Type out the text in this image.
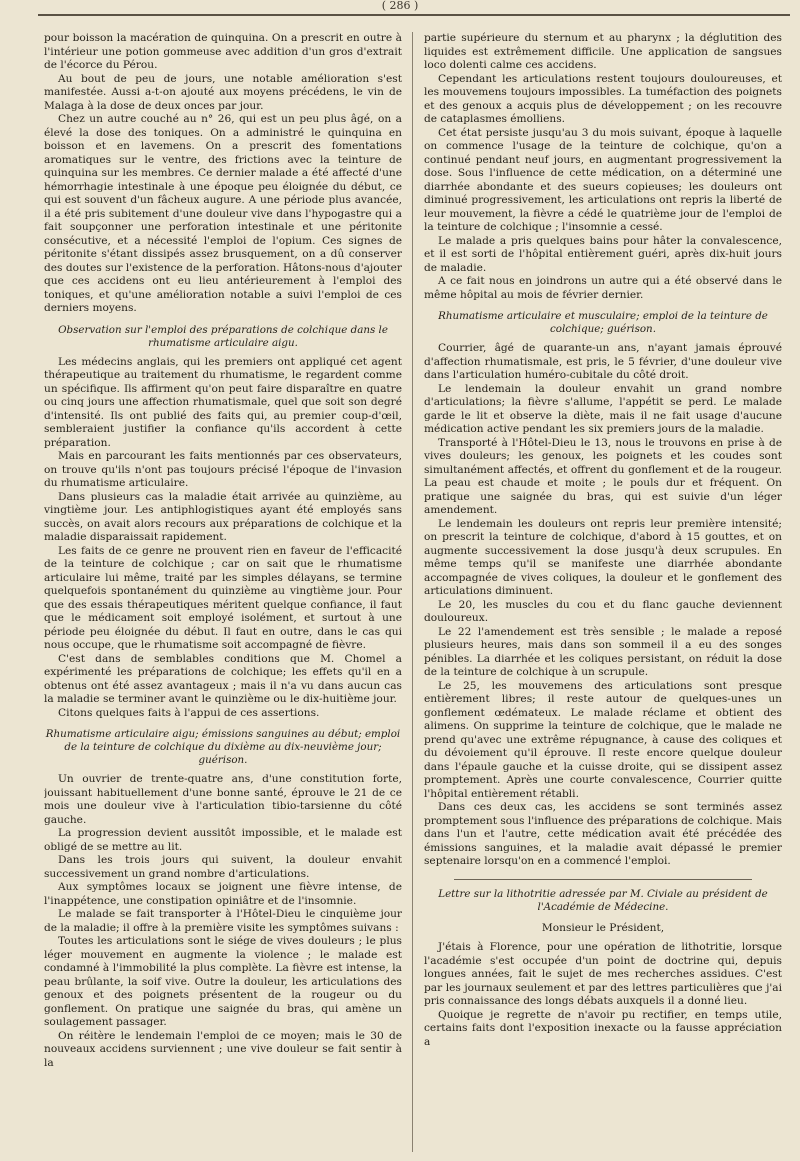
( 286 )

pour boisson la macération de quinquina. On a prescrit en outre à l'intérieur une potion gommeuse avec addition d'un gros d'extrait de l'écorce du Pérou.

Au bout de peu de jours, une notable amélioration s'est manifestée. Aussi a-t-on ajouté aux moyens précédens, le vin de Malaga à la dose de deux onces par jour.

Chez un autre couché au n° 26, qui est un peu plus âgé, on a élevé la dose des toniques. On a administré le quinquina en boisson et en lavemens. On a prescrit des fomentations aromatiques sur le ventre, des frictions avec la teinture de quinquina sur les membres. Ce dernier malade a été affecté d'une hémorrhagie intestinale à une époque peu éloignée du début, ce qui est souvent d'un fâcheux augure. A une période plus avancée, il a été pris subitement d'une douleur vive dans l'hypogastre qui a fait soupçonner une perforation intestinale et une péritonite consécutive, et a nécessité l'emploi de l'opium. Ces signes de péritonite s'étant dissipés assez brusquement, on a dû conserver des doutes sur l'existence de la perforation. Hâtons-nous d'ajouter que ces accidens ont eu lieu antérieurement à l'emploi des toniques, et qu'une amélioration notable a suivi l'emploi de ces derniers moyens.

Observation sur l'emploi des préparations de colchique dans le rhumatisme articulaire aigu.

Les médecins anglais, qui les premiers ont appliqué cet agent thérapeutique au traitement du rhumatisme, le regardent comme un spécifique. Ils affirment qu'on peut faire disparaître en quatre ou cinq jours une affection rhumatismale, quel que soit son degré d'intensité. Ils ont publié des faits qui, au premier coup-d'œil, sembleraient justifier la confiance qu'ils accordent à cette préparation.

Mais en parcourant les faits mentionnés par ces observateurs, on trouve qu'ils n'ont pas toujours précisé l'époque de l'invasion du rhumatisme articulaire.

Dans plusieurs cas la maladie était arrivée au quinzième, au vingtième jour. Les antiphlogistiques ayant été employés sans succès, on avait alors recours aux préparations de colchique et la maladie disparaissait rapidement.

Les faits de ce genre ne prouvent rien en faveur de l'efficacité de la teinture de colchique ; car on sait que le rhumatisme articulaire lui même, traité par les simples délayans, se termine quelquefois spontanément du quinzième au vingtième jour. Pour que des essais thérapeutiques méritent quelque confiance, il faut que le médicament soit employé isolément, et surtout à une période peu éloignée du début. Il faut en outre, dans le cas qui nous occupe, que le rhumatisme soit accompagné de fièvre.

C'est dans de semblables conditions que M. Chomel a expérimenté les préparations de colchique; les effets qu'il en a obtenus ont été assez avantageux ; mais il n'a vu dans aucun cas la maladie se terminer avant le quinzième ou le dix-huitième jour.

Citons quelques faits à l'appui de ces assertions.

Rhumatisme articulaire aigu; émissions sanguines au début; emploi de la teinture de colchique du dixième au dix-neuvième jour; guérison.

Un ouvrier de trente-quatre ans, d'une constitution forte, jouissant habituellement d'une bonne santé, éprouve le 21 de ce mois une douleur vive à l'articulation tibio-tarsienne du côté gauche.

La progression devient aussitôt impossible, et le malade est obligé de se mettre au lit.

Dans les trois jours qui suivent, la douleur envahit successivement un grand nombre d'articulations.

Aux symptômes locaux se joignent une fièvre intense, de l'inappétence, une constipation opiniâtre et de l'insomnie.

Le malade se fait transporter à l'Hôtel-Dieu le cinquième jour de la maladie; il offre à la première visite les symptômes suivans :

Toutes les articulations sont le siége de vives douleurs ; le plus léger mouvement en augmente la violence ; le malade est condamné à l'immobilité la plus complète. La fièvre est intense, la peau brûlante, la soif vive. Outre la douleur, les articulations des genoux et des poignets présentent de la rougeur ou du gonflement. On pratique une saignée du bras, qui amène un soulagement passager.

On réitère le lendemain l'emploi de ce moyen; mais le 30 de nouveaux accidens surviennent ; une vive douleur se fait sentir à la

partie supérieure du sternum et au pharynx ; la déglutition des liquides est extrêmement difficile. Une application de sangsues loco dolenti calme ces accidens.

Cependant les articulations restent toujours douloureuses, et les mouvemens toujours impossibles. La tuméfaction des poignets et des genoux a acquis plus de développement ; on les recouvre de cataplasmes émolliens.

Cet état persiste jusqu'au 3 du mois suivant, époque à laquelle on commence l'usage de la teinture de colchique, qu'on a continué pendant neuf jours, en augmentant progressivement la dose. Sous l'influence de cette médication, on a déterminé une diarrhée abondante et des sueurs copieuses; les douleurs ont diminué progressivement, les articulations ont repris la liberté de leur mouvement, la fièvre a cédé le quatrième jour de l'emploi de la teinture de colchique ; l'insomnie a cessé.

Le malade a pris quelques bains pour hâter la convalescence, et il est sorti de l'hôpital entièrement guéri, après dix-huit jours de maladie.

A ce fait nous en joindrons un autre qui a été observé dans le même hôpital au mois de février dernier.

Rhumatisme articulaire et musculaire; emploi de la teinture de colchique; guérison.

Courrier, âgé de quarante-un ans, n'ayant jamais éprouvé d'affection rhumatismale, est pris, le 5 février, d'une douleur vive dans l'articulation huméro-cubitale du côté droit.

Le lendemain la douleur envahit un grand nombre d'articulations; la fièvre s'allume, l'appétit se perd. Le malade garde le lit et observe la diète, mais il ne fait usage d'aucune médication active pendant les six premiers jours de la maladie.

Transporté à l'Hôtel-Dieu le 13, nous le trouvons en prise à de vives douleurs; les genoux, les poignets et les coudes sont simultanément affectés, et offrent du gonflement et de la rougeur. La peau est chaude et moite ; le pouls dur et fréquent. On pratique une saignée du bras, qui est suivie d'un léger amendement.

Le lendemain les douleurs ont repris leur première intensité; on prescrit la teinture de colchique, d'abord à 15 gouttes, et on augmente successivement la dose jusqu'à deux scrupules. En même temps qu'il se manifeste une diarrhée abondante accompagnée de vives coliques, la douleur et le gonflement des articulations diminuent.

Le 20, les muscles du cou et du flanc gauche deviennent douloureux.

Le 22 l'amendement est très sensible ; le malade a reposé plusieurs heures, mais dans son sommeil il a eu des songes pénibles. La diarrhée et les coliques persistant, on réduit la dose de la teinture de colchique à un scrupule.

Le 25, les mouvemens des articulations sont presque entièrement libres; il reste autour de quelques-unes un gonflement œdémateux. Le malade réclame et obtient des alimens. On supprime la teinture de colchique, que le malade ne prend qu'avec une extrême répugnance, à cause des coliques et du dévoiement qu'il éprouve. Il reste encore quelque douleur dans l'épaule gauche et la cuisse droite, qui se dissipent assez promptement. Après une courte convalescence, Courrier quitte l'hôpital entièrement rétabli.

Dans ces deux cas, les accidens se sont terminés assez promptement sous l'influence des préparations de colchique. Mais dans l'un et l'autre, cette médication avait été précédée des émissions sanguines, et la maladie avait dépassé le premier septenaire lorsqu'on en a commencé l'emploi.

Lettre sur la lithotritie adressée par M. Civiale au président de l'Académie de Médecine.

Monsieur le Président,

J'étais à Florence, pour une opération de lithotritie, lorsque l'académie s'est occupée d'un point de doctrine qui, depuis longues années, fait le sujet de mes recherches assidues. C'est par les journaux seulement et par des lettres particulières que j'ai pris connaissance des longs débats auxquels il a donné lieu.

Quoique je regrette de n'avoir pu rectifier, en temps utile, certains faits dont l'exposition inexacte ou la fausse appréciation a
